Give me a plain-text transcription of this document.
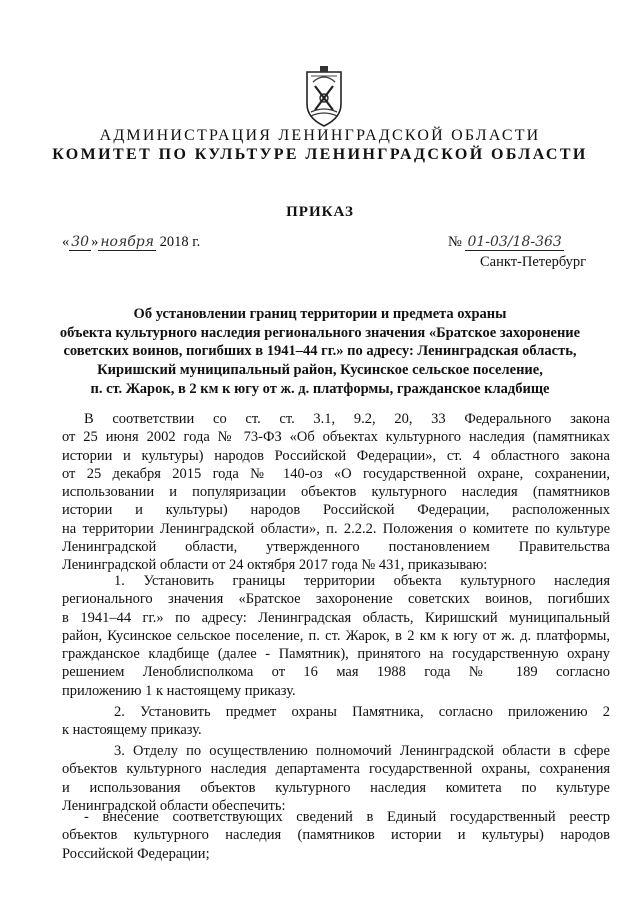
АДМИНИСТРАЦИЯ ЛЕНИНГРАДСКОЙ ОБЛАСТИ
КОМИТЕТ ПО КУЛЬТУРЕ ЛЕНИНГРАДСКОЙ ОБЛАСТИ
ПРИКАЗ
« 30 » ноября 2018 г.	№ 01-03/18-363
Санкт-Петербург
Об установлении границ территории и предмета охраны
объекта культурного наследия регионального значения «Братское захоронение
советских воинов, погибших в 1941–44 гг.» по адресу: Ленинградская область,
Киришский муниципальный район, Кусинское сельское поселение,
п. ст. Жарок, в 2 км к югу от ж. д. платформы, гражданское кладбище
В соответствии со ст. ст. 3.1, 9.2, 20, 33 Федерального закона
от 25 июня 2002 года № 73-ФЗ «Об объектах культурного наследия (памятниках
истории и культуры) народов Российской Федерации», ст. 4 областного закона
от 25 декабря 2015 года № 140-оз «О государственной охране, сохранении,
использовании и популяризации объектов культурного наследия (памятников
истории и культуры) народов Российской Федерации, расположенных
на территории Ленинградской области», п. 2.2.2. Положения о комитете по культуре
Ленинградской области, утвержденного постановлением Правительства
Ленинградской области от 24 октября 2017 года № 431, приказываю:
1. Установить границы территории объекта культурного наследия
регионального значения «Братское захоронение советских воинов, погибших
в 1941–44 гг.» по адресу: Ленинградская область, Киришский муниципальный
район, Кусинское сельское поселение, п. ст. Жарок, в 2 км к югу от ж. д. платформы,
гражданское кладбище (далее - Памятник), принятого на государственную охрану
решением Леноблисполкома от 16 мая 1988 года № 189 согласно
приложению 1 к настоящему приказу.
2. Установить предмет охраны Памятника, согласно приложению 2
к настоящему приказу.
3. Отделу по осуществлению полномочий Ленинградской области в сфере
объектов культурного наследия департамента государственной охраны, сохранения
и использования объектов культурного наследия комитета по культуре
Ленинградской области обеспечить:
- внесение соответствующих сведений в Единый государственный реестр
объектов культурного наследия (памятников истории и культуры) народов
Российской Федерации;
